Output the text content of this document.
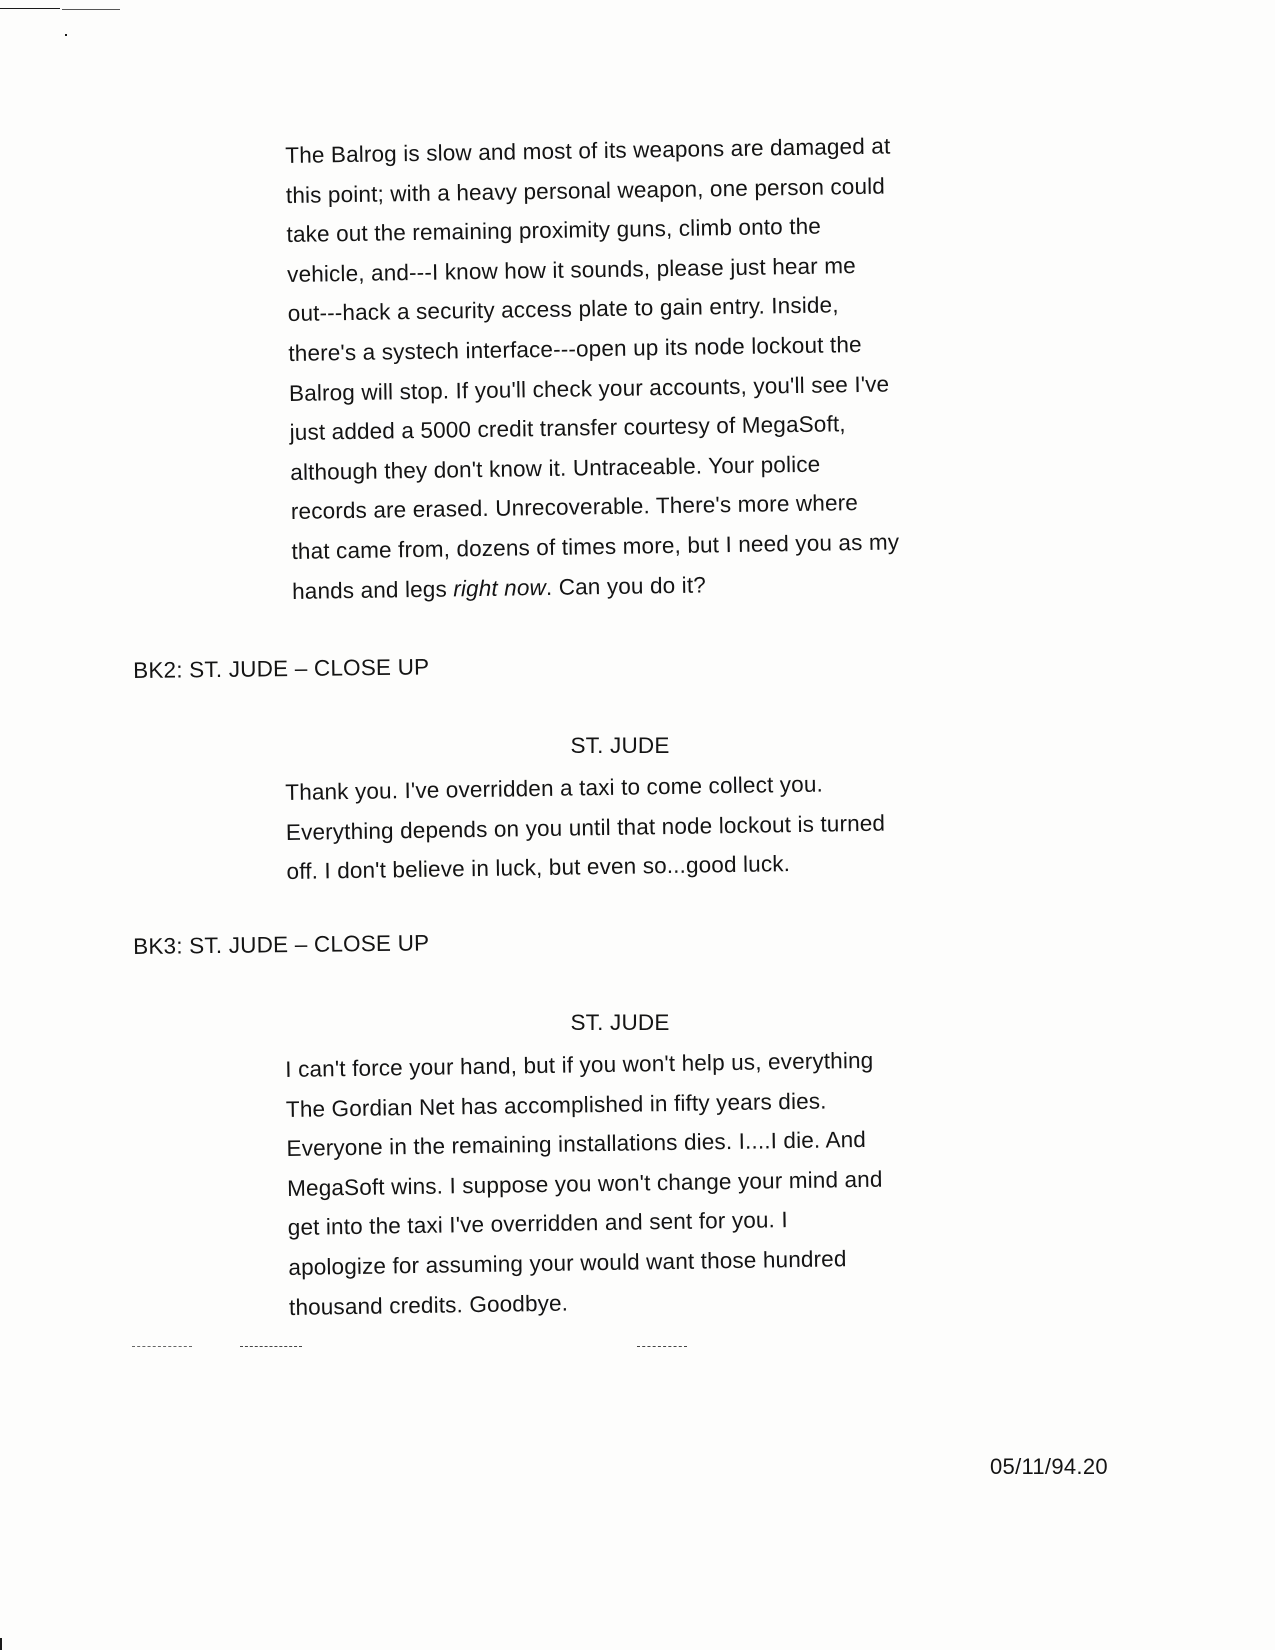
The Balrog is slow and most of its weapons are damaged at
this point; with a heavy personal weapon, one person could
take out the remaining proximity guns, climb onto the
vehicle, and---I know how it sounds, please just hear me
out---hack a security access plate to gain entry. Inside,
there's a systech interface---open up its node lockout the
Balrog will stop. If you'll check your accounts, you'll see I've
just added a 5000 credit transfer courtesy of MegaSoft,
although they don't know it. Untraceable. Your police
records are erased. Unrecoverable. There's more where
that came from, dozens of times more, but I need you as my
hands and legs right now. Can you do it?
BK2: ST. JUDE – CLOSE UP
ST. JUDE
Thank you. I've overridden a taxi to come collect you.
Everything depends on you until that node lockout is turned
off. I don't believe in luck, but even so...good luck.
BK3: ST. JUDE – CLOSE UP
ST. JUDE
I can't force your hand, but if you won't help us, everything
The Gordian Net has accomplished in fifty years dies.
Everyone in the remaining installations dies. I....I die. And
MegaSoft wins. I suppose you won't change your mind and
get into the taxi I've overridden and sent for you. I
apologize for assuming your would want those hundred
thousand credits. Goodbye.
05/11/94.20
